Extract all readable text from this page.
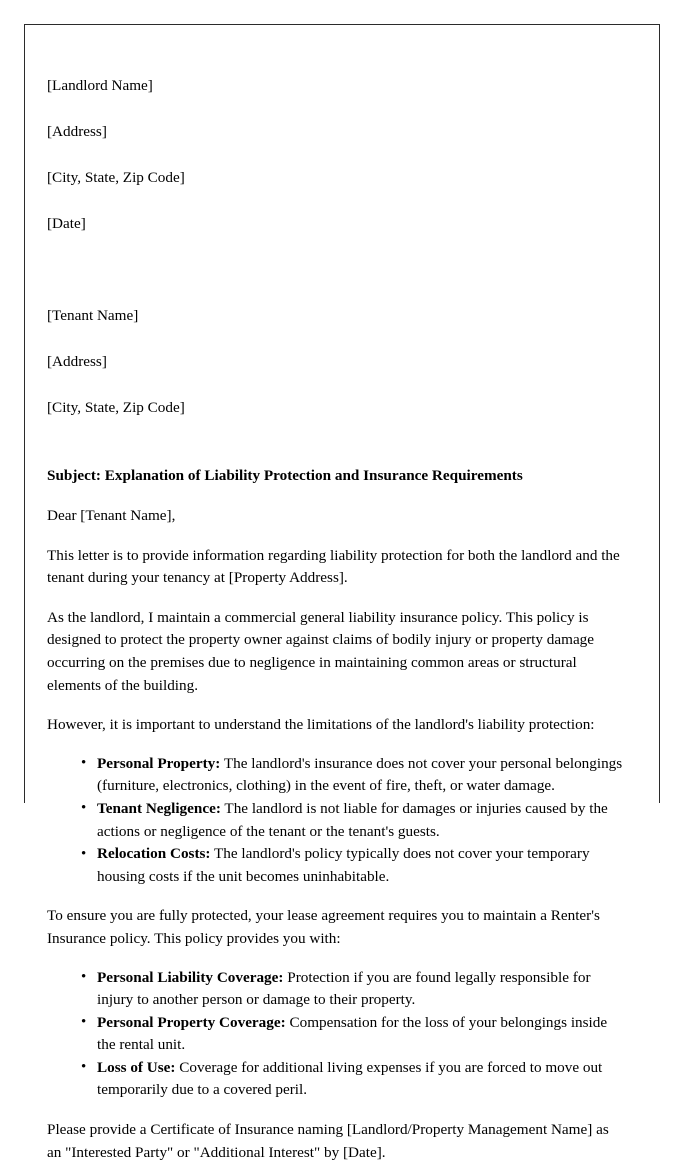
[Landlord Name]

[Address]

[City, State, Zip Code]

[Date]

[Tenant Name]

[Address]

[City, State, Zip Code]

Subject: Explanation of Liability Protection and Insurance Requirements
Dear [Tenant Name],
This letter is to provide information regarding liability protection for both the landlord and the tenant during your tenancy at [Property Address].
As the landlord, I maintain a commercial general liability insurance policy. This policy is designed to protect the property owner against claims of bodily injury or property damage occurring on the premises due to negligence in maintaining common areas or structural elements of the building.
However, it is important to understand the limitations of the landlord's liability protection:
• Personal Property: The landlord's insurance does not cover your personal belongings (furniture, electronics, clothing) in the event of fire, theft, or water damage.
• Tenant Negligence: The landlord is not liable for damages or injuries caused by the actions or negligence of the tenant or the tenant's guests.
• Relocation Costs: The landlord's policy typically does not cover your temporary housing costs if the unit becomes uninhabitable.
To ensure you are fully protected, your lease agreement requires you to maintain a Renter's Insurance policy. This policy provides you with:
• Personal Liability Coverage: Protection if you are found legally responsible for injury to another person or damage to their property.
• Personal Property Coverage: Compensation for the loss of your belongings inside the rental unit.
• Loss of Use: Coverage for additional living expenses if you are forced to move out temporarily due to a covered peril.
Please provide a Certificate of Insurance naming [Landlord/Property Management Name] as an "Interested Party" or "Additional Interest" by [Date].
